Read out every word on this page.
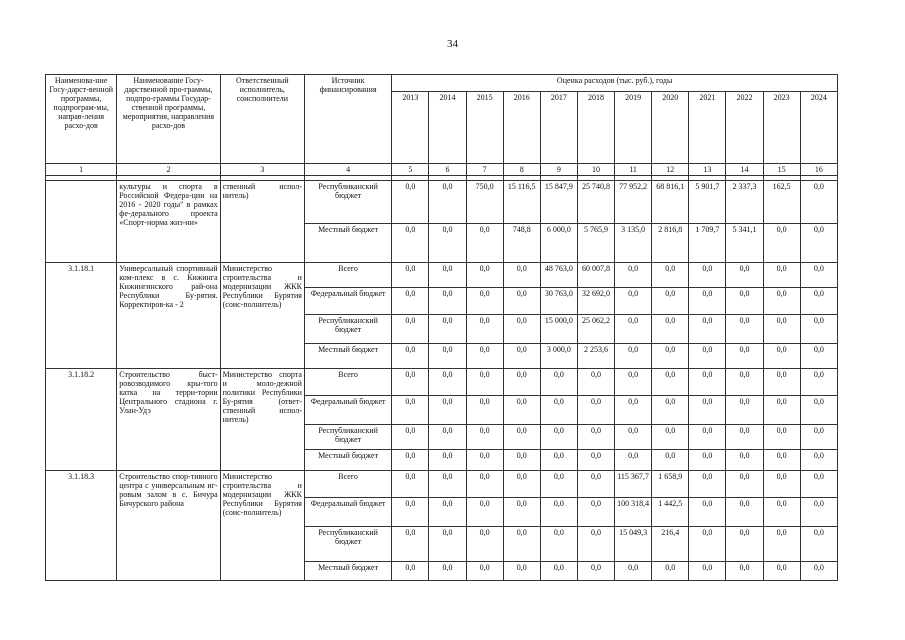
34
Наименова-ние Госу-дарст-венной программы, подпрограм-мы, направ-ления расхо-дов	Наименование Госу-дарственной про-граммы, подпро-граммы Государ-ственной программы, мероприятия, направления расхо-дов	Ответственный исполнитель, соисполнители	Источник финансирования	Оценка расходов (тыс. руб.), годы											
				2013	2014	2015	2016	2017	2018	2019	2020	2021	2022	2023	2024
1	2	3	4	5	6	7	8	9	10	11	12	13	14	15	16

	культуры и спорта в Российской Федера-ции на 2016 - 2020 годы" в рамках фе-дерального проекта «Спорт-норма жиз-ни»	ственный испол-нитель)	Республиканский бюджет	0,0	0,0	750,0	15 116,5	15 847,9	25 740,8	77 952,2	68 816,1	5 901,7	2 337,3	162,5	0,0
			Местный бюджет	0,0	0,0	0,0	748,8	6 000,0	5 765,9	3 135,0	2 816,8	1 709,7	5 341,1	0,0	0,0
3.1.18.1	Универсальный спортивный ком-плекс в с. Кижинга Кижингинского рай-она Республики Бу-рятия. Корректиров-ка - 2	Министерство строительства и модернизации ЖКК Республики Бурятия (соис-полнитель)	Всего	0,0	0,0	0,0	0,0	48 763,0	60 007,8	0,0	0,0	0,0	0,0	0,0	0,0
			Федеральный бюджет	0,0	0,0	0,0	0,0	30 763,0	32 692,0	0,0	0,0	0,0	0,0	0,0	0,0
			Республиканский бюджет	0,0	0,0	0,0	0,0	15 000,0	25 062,2	0,0	0,0	0,0	0,0	0,0	0,0
			Местный бюджет	0,0	0,0	0,0	0,0	3 000,0	2 253,6	0,0	0,0	0,0	0,0	0,0	0,0
3.1.18.2	Строительство быст-ровозводимого кры-того катка на терри-тории Центрального стадиона г. Улан-Удэ	Министерство спорта и моло-дежной политики Республики Бу-рятия (ответ-ственный испол-нитель)	Всего	0,0	0,0	0,0	0,0	0,0	0,0	0,0	0,0	0,0	0,0	0,0	0,0
			Федеральный бюджет	0,0	0,0	0,0	0,0	0,0	0,0	0,0	0,0	0,0	0,0	0,0	0,0
			Республиканский бюджет	0,0	0,0	0,0	0,0	0,0	0,0	0,0	0,0	0,0	0,0	0,0	0,0
			Местный бюджет	0,0	0,0	0,0	0,0	0,0	0,0	0,0	0,0	0,0	0,0	0,0	0,0
3.1.18.3	Строительство спор-тивного центра с универсальным иг-ровым залом в с. Бичура Бичурского района	Министерство строительства и модернизации ЖКК Республики Бурятия (соис-полнитель)	Всего	0,0	0,0	0,0	0,0	0,0	0,0	115 367,7	1 658,9	0,0	0,0	0,0	0,0
			Федеральный бюджет	0,0	0,0	0,0	0,0	0,0	0,0	100 318,4	1 442,5	0,0	0,0	0,0	0,0
			Республиканский бюджет	0,0	0,0	0,0	0,0	0,0	0,0	15 049,3	216,4	0,0	0,0	0,0	0,0
			Местный бюджет	0,0	0,0	0,0	0,0	0,0	0,0	0,0	0,0	0,0	0,0	0,0	0,0
